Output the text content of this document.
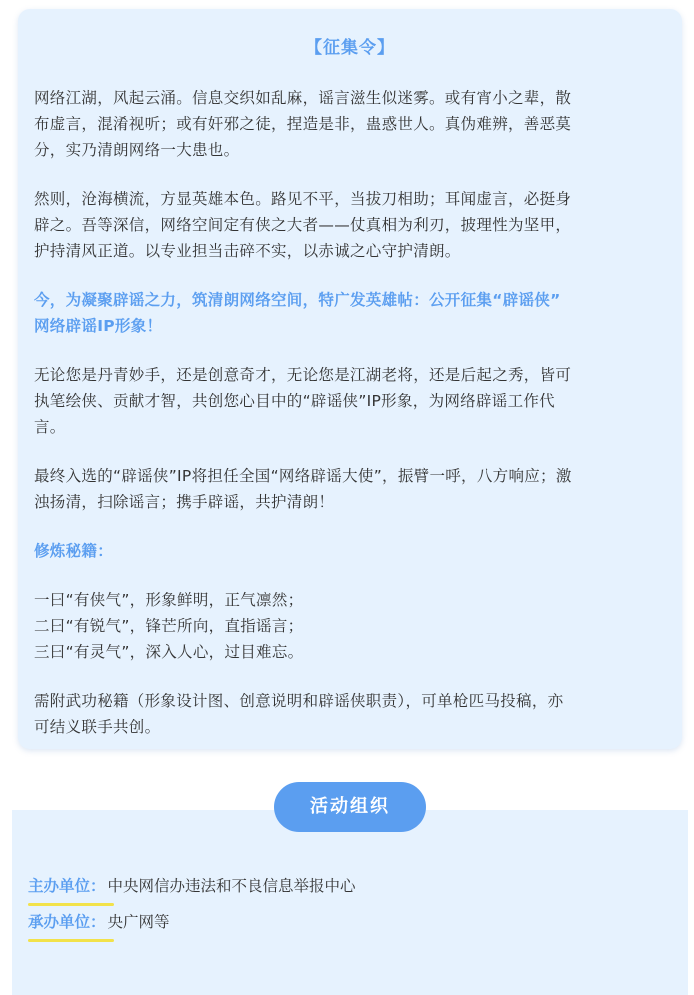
【征集令】
网络江湖，风起云涌。信息交织如乱麻，谣言滋生似迷雾。或有宵小之辈，散
布虚言，混淆视听；或有奸邪之徒，捏造是非，蛊惑世人。真伪难辨，善恶莫
分，实乃清朗网络一大患也。
然则，沧海横流，方显英雄本色。路见不平，当拔刀相助；耳闻虚言，必挺身
辟之。吾等深信，网络空间定有侠之大者——仗真相为利刃，披理性为坚甲，
护持清风正道。以专业担当击碎不实，以赤诚之心守护清朗。
今，为凝聚辟谣之力，筑清朗网络空间，特广发英雄帖：公开征集“辟谣侠”
网络辟谣IP形象！
无论您是丹青妙手，还是创意奇才，无论您是江湖老将，还是后起之秀，皆可
执笔绘侠、贡献才智，共创您心目中的“辟谣侠”IP形象，为网络辟谣工作代
言。
最终入选的“辟谣侠”IP将担任全国“网络辟谣大使”，振臂一呼，八方响应；激
浊扬清，扫除谣言；携手辟谣，共护清朗！
修炼秘籍：
一曰“有侠气”，形象鲜明，正气凛然；
二曰“有锐气”，锋芒所向，直指谣言；
三曰“有灵气”，深入人心，过目难忘。
需附武功秘籍（形象设计图、创意说明和辟谣侠职责），可单枪匹马投稿，亦
可结义联手共创。
主办单位： 中央网信办违法和不良信息举报中心
承办单位： 央广网等
活动组织
